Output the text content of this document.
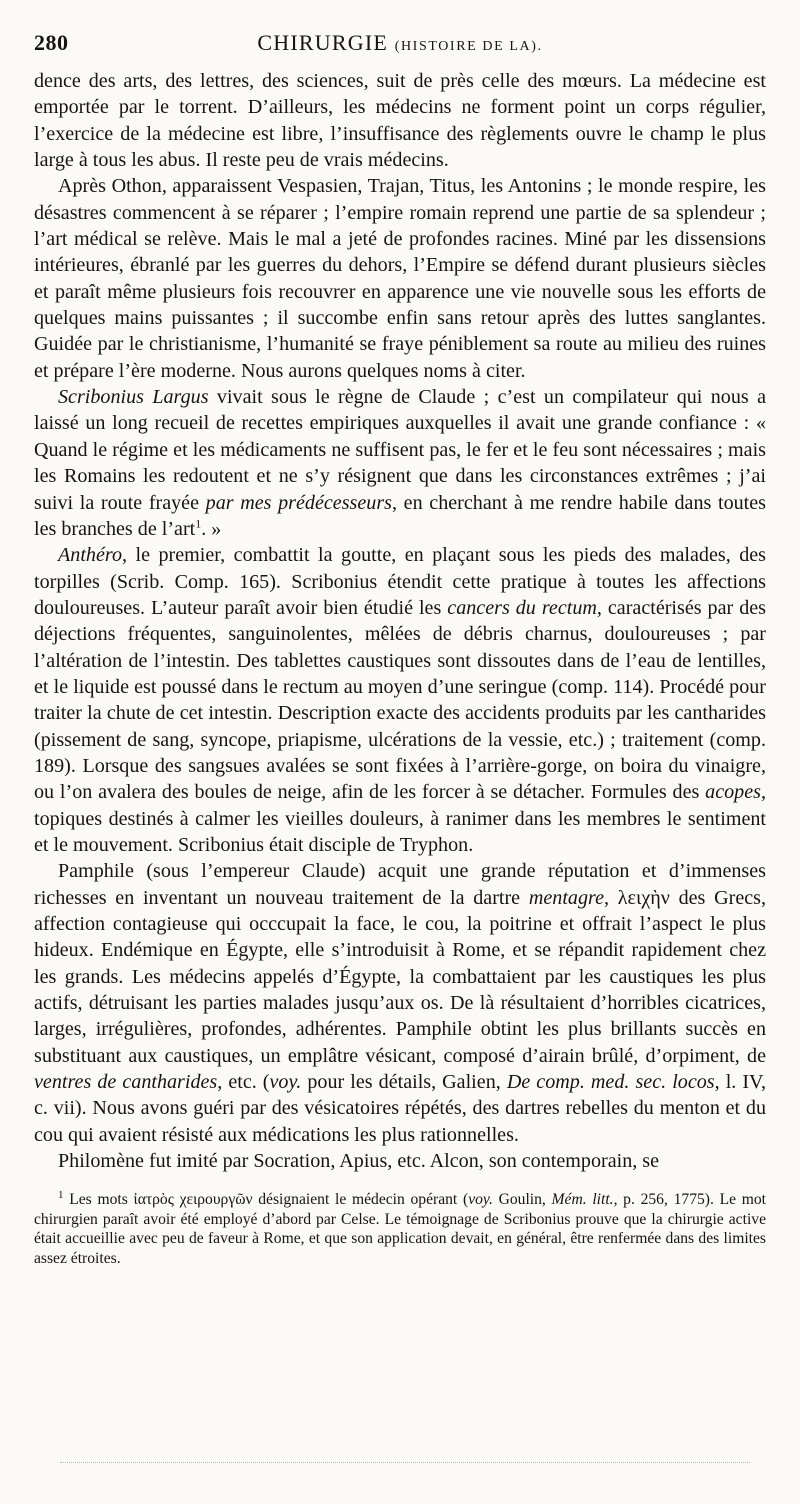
280	CHIRURGIE (HISTOIRE DE LA).

dence des arts, des lettres, des sciences, suit de près celle des mœurs. La médecine est emportée par le torrent. D’ailleurs, les médecins ne forment point un corps régulier, l’exercice de la médecine est libre, l’insuffisance des règlements ouvre le champ le plus large à tous les abus. Il reste peu de vrais médecins.

Après Othon, apparaissent Vespasien, Trajan, Titus, les Antonins ; le monde respire, les désastres commencent à se réparer ; l’empire romain reprend une partie de sa splendeur ; l’art médical se relève. Mais le mal a jeté de profondes racines. Miné par les dissensions intérieures, ébranlé par les guerres du dehors, l’Empire se défend durant plusieurs siècles et paraît même plusieurs fois recouvrer en apparence une vie nouvelle sous les efforts de quelques mains puissantes ; il succombe enfin sans retour après des luttes sanglantes. Guidée par le christianisme, l’humanité se fraye péniblement sa route au milieu des ruines et prépare l’ère moderne. Nous aurons quelques noms à citer.

Scribonius Largus vivait sous le règne de Claude ; c’est un compilateur qui nous a laissé un long recueil de recettes empiriques auxquelles il avait une grande confiance : « Quand le régime et les médicaments ne suffisent pas, le fer et le feu sont nécessaires ; mais les Romains les redoutent et ne s’y résignent que dans les circonstances extrêmes ; j’ai suivi la route frayée par mes prédécesseurs, en cherchant à me rendre habile dans toutes les branches de l’art$^1$. »

Anthéro, le premier, combattit la goutte, en plaçant sous les pieds des malades, des torpilles (Scrib. Comp. 165). Scribonius étendit cette pratique à toutes les affections douloureuses. L’auteur paraît avoir bien étudié les cancers du rectum, caractérisés par des déjections fréquentes, sanguinolentes, mêlées de débris charnus, douloureuses ; par l’altération de l’intestin. Des tablettes caustiques sont dissoutes dans de l’eau de lentilles, et le liquide est poussé dans le rectum au moyen d’une seringue (comp. 114). Procédé pour traiter la chute de cet intestin. Description exacte des accidents produits par les cantharides (pissement de sang, syncope, priapisme, ulcérations de la vessie, etc.) ; traitement (comp. 189). Lorsque des sangsues avalées se sont fixées à l’arrière-gorge, on boira du vinaigre, ou l’on avalera des boules de neige, afin de les forcer à se détacher. Formules des acopes, topiques destinés à calmer les vieilles douleurs, à ranimer dans les membres le sentiment et le mouvement. Scribonius était disciple de Tryphon.

Pamphile (sous l’empereur Claude) acquit une grande réputation et d’immenses richesses en inventant un nouveau traitement de la dartre mentagre, λειχὴν des Grecs, affection contagieuse qui occcupait la face, le cou, la poitrine et offrait l’aspect le plus hideux. Endémique en Égypte, elle s’introduisit à Rome, et se répandit rapidement chez les grands. Les médecins appelés d’Égypte, la combattaient par les caustiques les plus actifs, détruisant les parties malades jusqu’aux os. De là résultaient d’horribles cicatrices, larges, irrégulières, profondes, adhérentes. Pamphile obtint les plus brillants succès en substituant aux caustiques, un emplâtre vésicant, composé d’airain brûlé, d’orpiment, de ventres de cantharides, etc. (voy. pour les détails, Galien, De comp. med. sec. locos, l. IV, c. vii). Nous avons guéri par des vésicatoires répétés, des dartres rebelles du menton et du cou qui avaient résisté aux médications les plus rationnelles.

Philomène fut imité par Socration, Apius, etc. Alcon, son contemporain, se

$^1$ Les mots ἰατρὸς χειρουργῶν désignaient le médecin opérant (voy. Goulin, Mém. litt., p. 256, 1775). Le mot chirurgien paraît avoir été employé d’abord par Celse. Le témoignage de Scribonius prouve que la chirurgie active était accueillie avec peu de faveur à Rome, et que son application devait, en général, être renfermée dans des limites assez étroites.
